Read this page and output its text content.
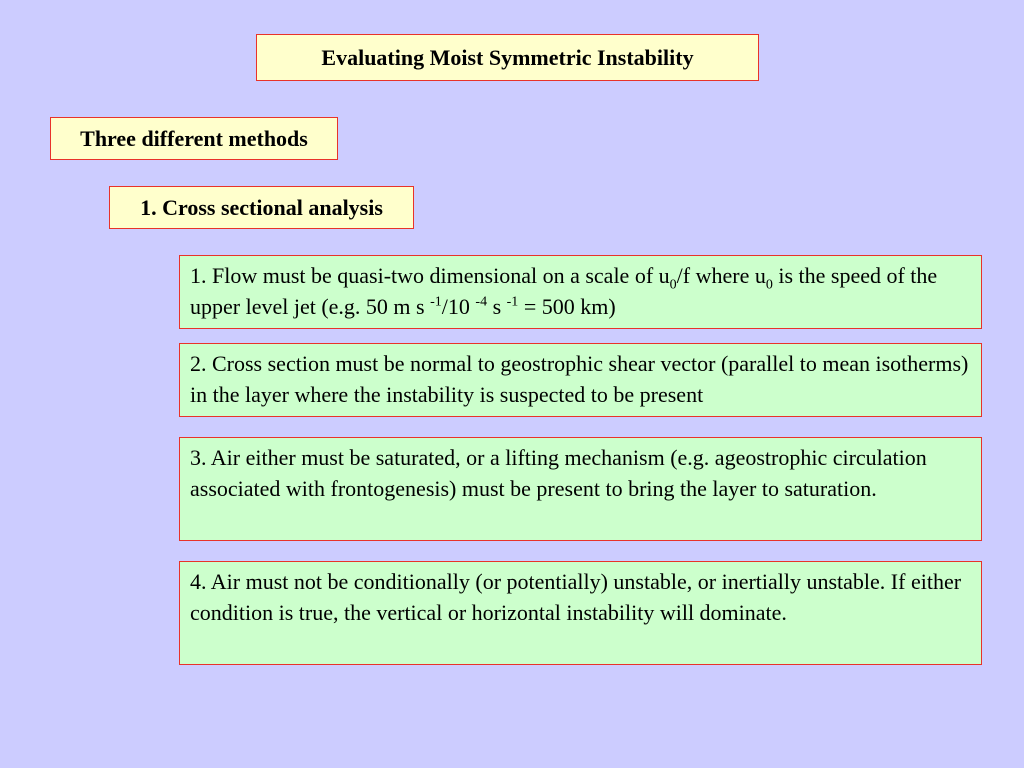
Evaluating Moist Symmetric Instability
Three different methods
1. Cross sectional analysis
1. Flow must be quasi-two dimensional on a scale of $u_0/f$ where $u_0$ is the speed of the upper level jet (e.g. 50 m s $^{-1}$/10 $^{-4}$ s $^{-1}$ = 500 km)
2. Cross section must be normal to geostrophic shear vector (parallel to mean isotherms) in the layer where the instability is suspected to be present
3. Air either must be saturated, or a lifting mechanism (e.g. ageostrophic circulation associated with frontogenesis) must be present to bring the layer to saturation.
4. Air must not be conditionally (or potentially) unstable, or inertially unstable. If either condition is true, the vertical or horizontal instability will dominate.
